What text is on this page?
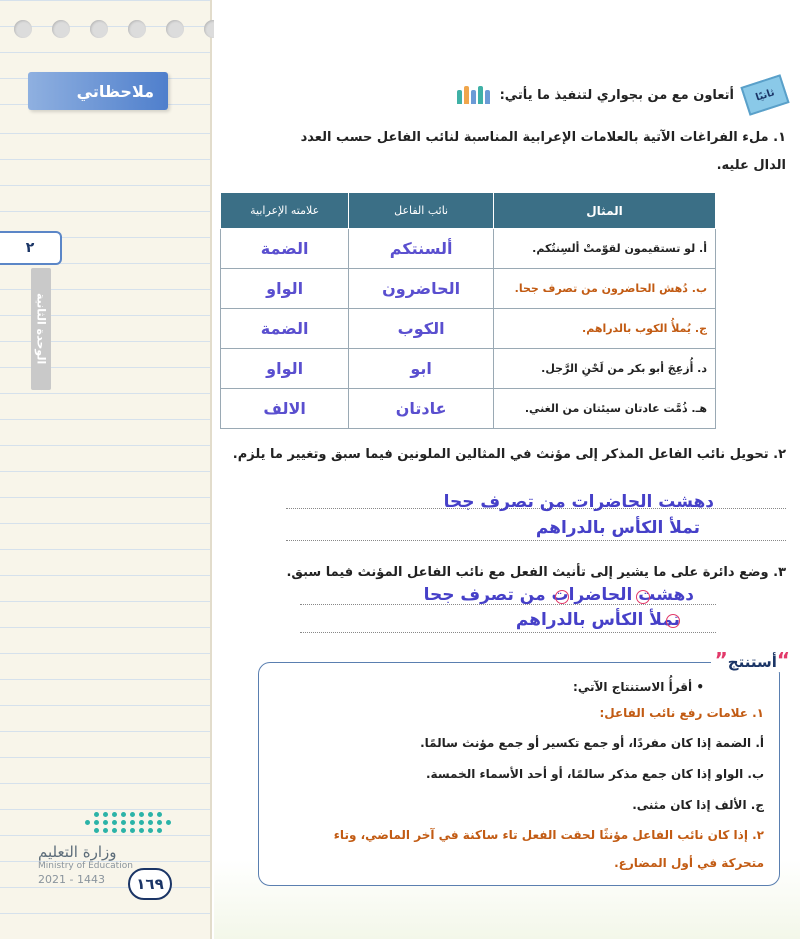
ملاحظاتي
٢
الوحدة الثانية
وزارة التعليم
Ministry of Education
2021 - 1443	١٦٩
ثانيًا
أتعاون مع من بجواري لتنفيذ ما يأتي:
١. ملء الفراغات الآتية بالعلامات الإعرابية المناسبة لنائب الفاعل حسب العدد الدال عليه.
المثال	نائب الفاعل	علامته الإعرابية
أ. لو تستقيمون لقوّمتْ ألسِنتُكم.	ألسنتكم	الضمة
ب. دُهش الحاضرون من تصرف جحا.	الحاضرون	الواو
ج. يُملأُ الكوب بالدراهم.	الكوب	الضمة
د. أُزعِجَ أبو بكر من لَحْنِ الرَّجل.	ابو	الواو
هـ. ذُمَّت عادتان سيئتان من الغني.	عادتان	الالف
٢. تحويل نائب الفاعل المذكر إلى مؤنث في المثالين الملونين فيما سبق وتغيير ما يلزم.
دهشت الحاضرات من تصرف جحا
تملأ الكأس بالدراهم
٣. وضع دائرة على ما يشير إلى تأنيث الفعل مع نائب الفاعل المؤنث فيما سبق.
دهشت الحاضرات من تصرف جحا
تملأ الكأس بالدراهم
“أستنتج”
• أقرأُ الاستنتاج الآتي:
١. علامات رفع نائب الفاعل:
أ. الضمة إذا كان مفردًا، أو جمع تكسير أو جمع مؤنث سالمًا.
ب. الواو إذا كان جمع مذكر سالمًا، أو أحد الأسماء الخمسة.
ج. الألف إذا كان مثنى.
٢. إذا كان نائب الفاعل مؤنثًا لحقت الفعل تاء ساكنة في آخر الماضي، وتاء
متحركة في أول المضارع.
